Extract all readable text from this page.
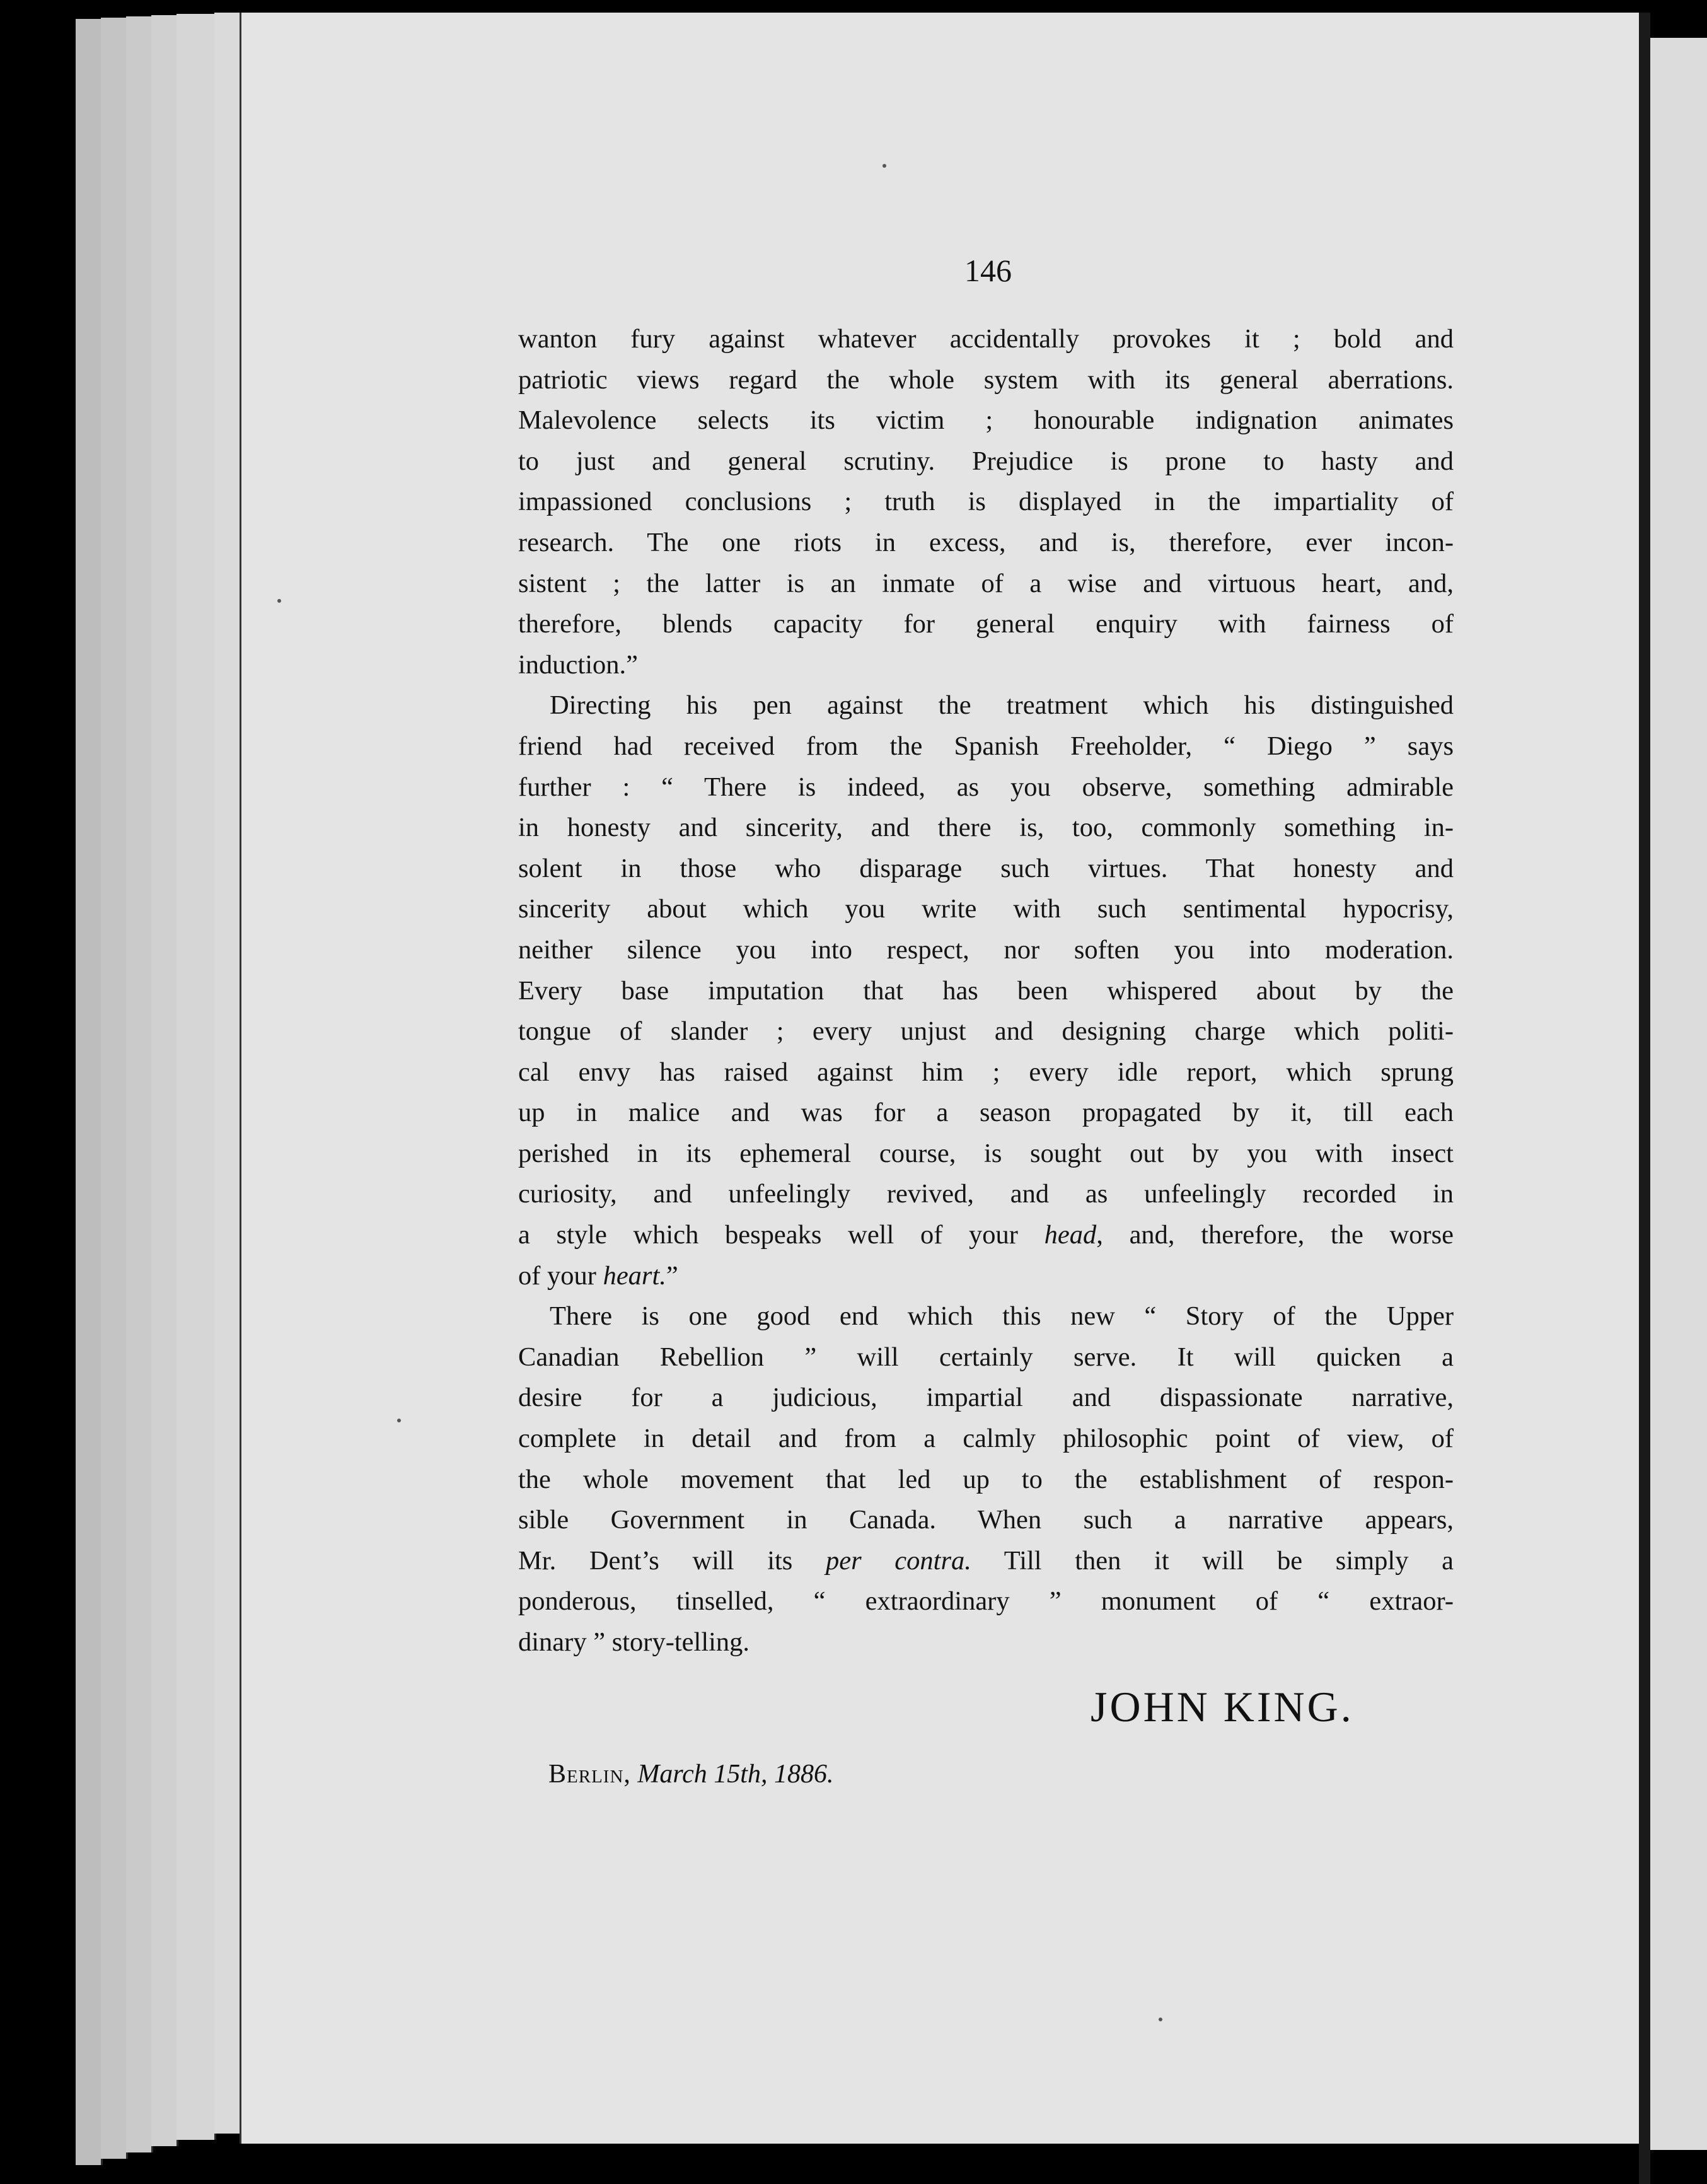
146
wanton fury against whatever accidentally provokes it ; bold and
patriotic views regard the whole system with its general aberrations.
Malevolence selects its victim ; honourable indignation animates
to just and general scrutiny. Prejudice is prone to hasty and
impassioned conclusions ; truth is displayed in the impartiality of
research. The one riots in excess, and is, therefore, ever incon-
sistent ; the latter is an inmate of a wise and virtuous heart, and,
therefore, blends capacity for general enquiry with fairness of
induction.”
Directing his pen against the treatment which his distinguished
friend had received from the Spanish Freeholder, “ Diego ” says
further : “ There is indeed, as you observe, something admirable
in honesty and sincerity, and there is, too, commonly something in-
solent in those who disparage such virtues. That honesty and
sincerity about which you write with such sentimental hypocrisy,
neither silence you into respect, nor soften you into moderation.
Every base imputation that has been whispered about by the
tongue of slander ; every unjust and designing charge which politi-
cal envy has raised against him ; every idle report, which sprung
up in malice and was for a season propagated by it, till each
perished in its ephemeral course, is sought out by you with insect
curiosity, and unfeelingly revived, and as unfeelingly recorded in
a style which bespeaks well of your head, and, therefore, the worse
of your heart.”
There is one good end which this new “ Story of the Upper
Canadian Rebellion ” will certainly serve. It will quicken a
desire for a judicious, impartial and dispassionate narrative,
complete in detail and from a calmly philosophic point of view, of
the whole movement that led up to the establishment of respon-
sible Government in Canada. When such a narrative appears,
Mr. Dent’s will its per contra. Till then it will be simply a
ponderous, tinselled, “ extraordinary ” monument of “ extraor-
dinary ” story-telling.
JOHN KING.
Berlin, March 15th, 1886.
